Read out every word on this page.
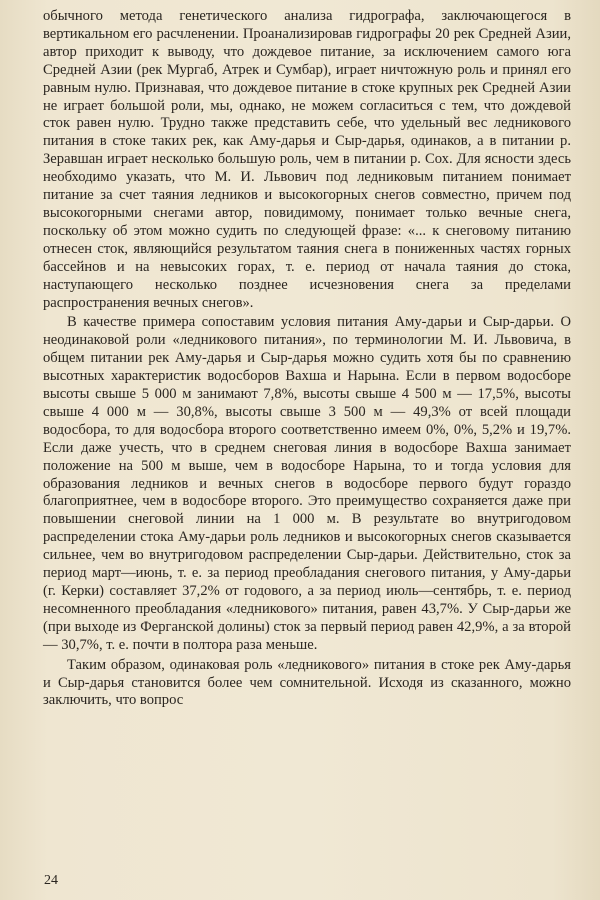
обычного метода генетического анализа гидрографа, заключающегося в вертикальном его расчленении. Проанализировав гидрографы 20 рек Средней Азии, автор приходит к выводу, что дождевое питание, за исключением самого юга Средней Азии (рек Мургаб, Атрек и Сумбар), играет ничтожную роль и принял его равным нулю. Признавая, что дождевое питание в стоке крупных рек Средней Азии не играет большой роли, мы, однако, не можем согласиться с тем, что дождевой сток равен нулю. Трудно также представить себе, что удельный вес ледникового питания в стоке таких рек, как Аму-дарья и Сыр-дарья, одинаков, а в питании р. Зеравшан играет несколько большую роль, чем в питании р. Сох. Для ясности здесь необходимо указать, что М. И. Львович под ледниковым питанием понимает питание за счет таяния ледников и высокогорных снегов совместно, причем под высокогорными снегами автор, повидимому, понимает только вечные снега, поскольку об этом можно судить по следующей фразе: «... к снеговому питанию отнесен сток, являющийся результатом таяния снега в пониженных частях горных бассейнов и на невысоких горах, т. е. период от начала таяния до стока, наступающего несколько позднее исчезновения снега за пределами распространения вечных снегов».

В качестве примера сопоставим условия питания Аму-дарьи и Сыр-дарьи. О неодинаковой роли «ледникового питания», по терминологии М. И. Львовича, в общем питании рек Аму-дарья и Сыр-дарья можно судить хотя бы по сравнению высотных характеристик водосборов Вахша и Нарына. Если в первом водосборе высоты свыше 5 000 м занимают 7,8%, высоты свыше 4 500 м — 17,5%, высоты свыше 4 000 м — 30,8%, высоты свыше 3 500 м — 49,3% от всей площади водосбора, то для водосбора второго соответственно имеем 0%, 0%, 5,2% и 19,7%. Если даже учесть, что в среднем снеговая линия в водосборе Вахша занимает положение на 500 м выше, чем в водосборе Нарына, то и тогда условия для образования ледников и вечных снегов в водосборе первого будут гораздо благоприятнее, чем в водосборе второго. Это преимущество сохраняется даже при повышении снеговой линии на 1 000 м. В результате во внутригодовом распределении стока Аму-дарьи роль ледников и высокогорных снегов сказывается сильнее, чем во внутригодовом распределении Сыр-дарьи. Действительно, сток за период март—июнь, т. е. за период преобладания снегового питания, у Аму-дарьи (г. Керки) составляет 37,2% от годового, а за период июль—сентябрь, т. е. период несомненного преобладания «ледникового» питания, равен 43,7%. У Сыр-дарьи же (при выходе из Ферганской долины) сток за первый период равен 42,9%, а за второй — 30,7%, т. е. почти в полтора раза меньше.

Таким образом, одинаковая роль «ледникового» питания в стоке рек Аму-дарья и Сыр-дарья становится более чем сомнительной. Исходя из сказанного, можно заключить, что вопрос

24
